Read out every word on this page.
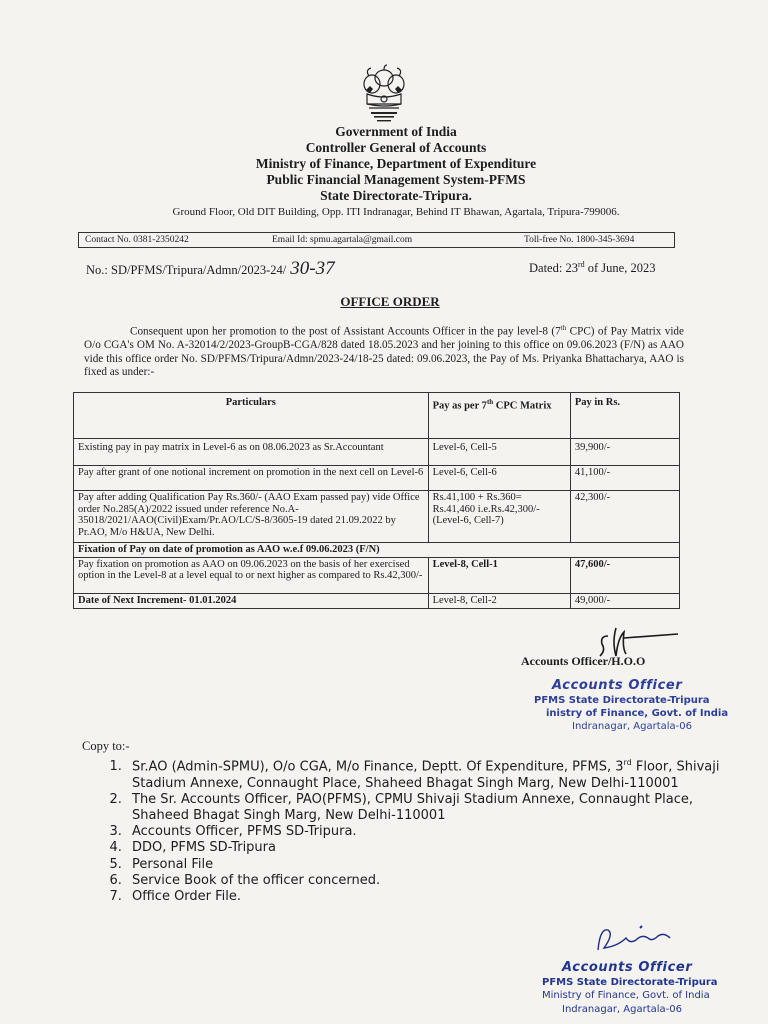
Government of India
Controller General of Accounts
Ministry of Finance, Department of Expenditure
Public Financial Management System-PFMS
State Directorate-Tripura.
Ground Floor, Old DIT Building, Opp. ITI Indranagar, Behind IT Bhawan, Agartala, Tripura-799006.
Contact No. 0381-2350242	Email Id: spmu.agartala@gmail.com	Toll-free No. 1800-345-3694
No.: SD/PFMS/Tripura/Admn/2023-24/ 30-37	Dated: 23rd of June, 2023
OFFICE ORDER

Consequent upon her promotion to the post of Assistant Accounts Officer in the pay level-8 (7th CPC) of Pay Matrix vide O/o CGA's OM No. A-32014/2/2023-GroupB-CGA/828 dated 18.05.2023 and her joining to this office on 09.06.2023 (F/N) as AAO vide this office order No. SD/PFMS/Tripura/Admn/2023-24/18-25 dated: 09.06.2023, the Pay of Ms. Priyanka Bhattacharya, AAO is fixed as under:-

Particulars	Pay as per 7th CPC Matrix	Pay in Rs.
Existing pay in pay matrix in Level-6 as on 08.06.2023 as Sr.Accountant	Level-6, Cell-5	39,900/-
Pay after grant of one notional increment on promotion in the next cell on Level-6	Level-6, Cell-6	41,100/-
Pay after adding Qualification Pay Rs.360/- (AAO Exam passed pay) vide Office order No.285(A)/2022 issued under reference No.A-35018/2021/AAO(Civil)Exam/Pr.AO/LC/S-8/3605-19 dated 21.09.2022 by Pr.AO, M/o H&UA, New Delhi.	Rs.41,100 + Rs.360= Rs.41,460 i.e.Rs.42,300/- (Level-6, Cell-7)	42,300/-
Fixation of Pay on date of promotion as AAO w.e.f 09.06.2023 (F/N)		
Pay fixation on promotion as AAO on 09.06.2023 on the basis of her exercised option in the Level-8 at a level equal to or next higher as compared to Rs.42,300/-	Level-8, Cell-1	47,600/-
Date of Next Increment- 01.01.2024	Level-8, Cell-2	49,000/-
Accounts Officer/H.O.O
Accounts Officer
PFMS State Directorate-Tripura
inistry of Finance, Govt. of India
Indranagar, Agartala-06
Copy to:-
1. Sr.AO (Admin-SPMU), O/o CGA, M/o Finance, Deptt. Of Expenditure, PFMS, 3rd Floor, Shivaji Stadium Annexe, Connaught Place, Shaheed Bhagat Singh Marg, New Delhi-110001
2. The Sr. Accounts Officer, PAO(PFMS), CPMU Shivaji Stadium Annexe, Connaught Place, Shaheed Bhagat Singh Marg, New Delhi-110001
3. Accounts Officer, PFMS SD-Tripura.
4. DDO, PFMS SD-Tripura
5. Personal File
6. Service Book of the officer concerned.
7. Office Order File.
Accounts Officer
PFMS State Directorate-Tripura
Ministry of Finance, Govt. of India
Indranagar, Agartala-06
